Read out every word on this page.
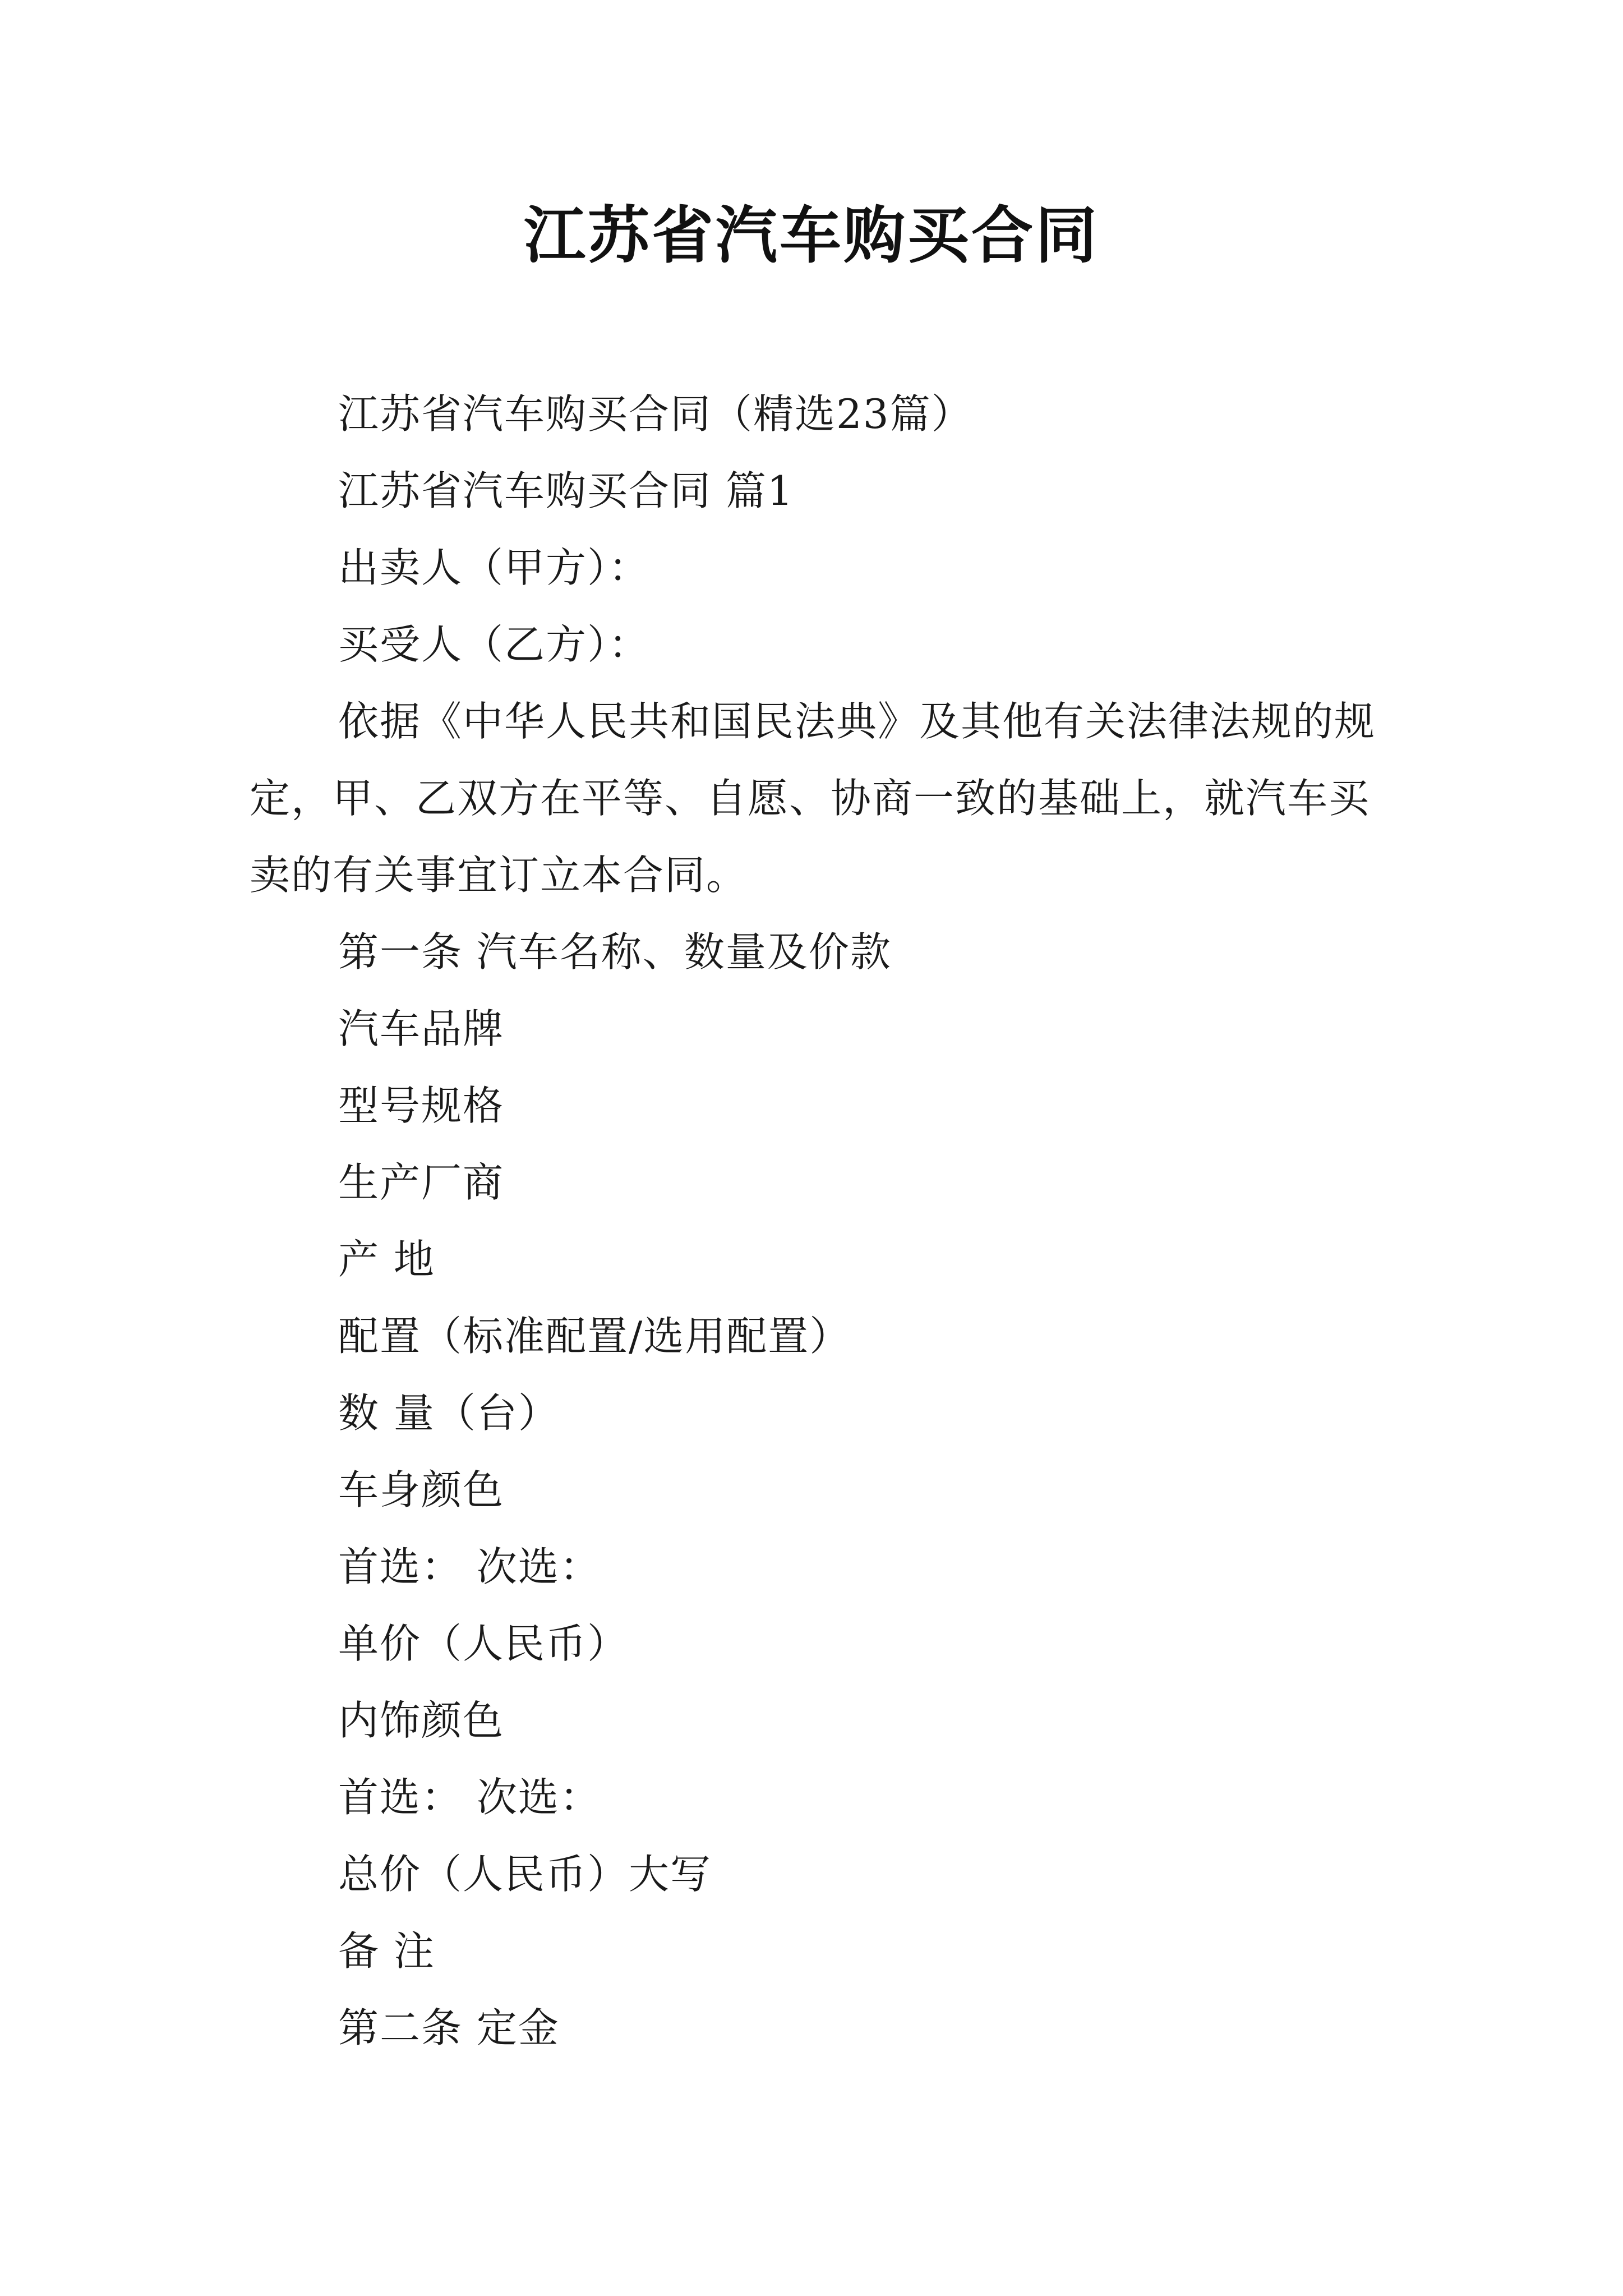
江苏省汽车购买合同

江苏省汽车购买合同（精选23篇）

江苏省汽车购买合同 篇1

出卖人（甲方）：

买受人（乙方）：

依据《中华人民共和国民法典》及其他有关法律法规的规定，甲、乙双方在平等、自愿、协商一致的基础上，就汽车买卖的有关事宜订立本合同。

第一条 汽车名称、数量及价款

汽车品牌

型号规格

生产厂商

产 地

配置（标准配置/选用配置）

数 量（台）

车身颜色

首选： 次选：

单价（人民币）

内饰颜色

首选： 次选：

总价（人民币）大写

备 注

第二条 定金
